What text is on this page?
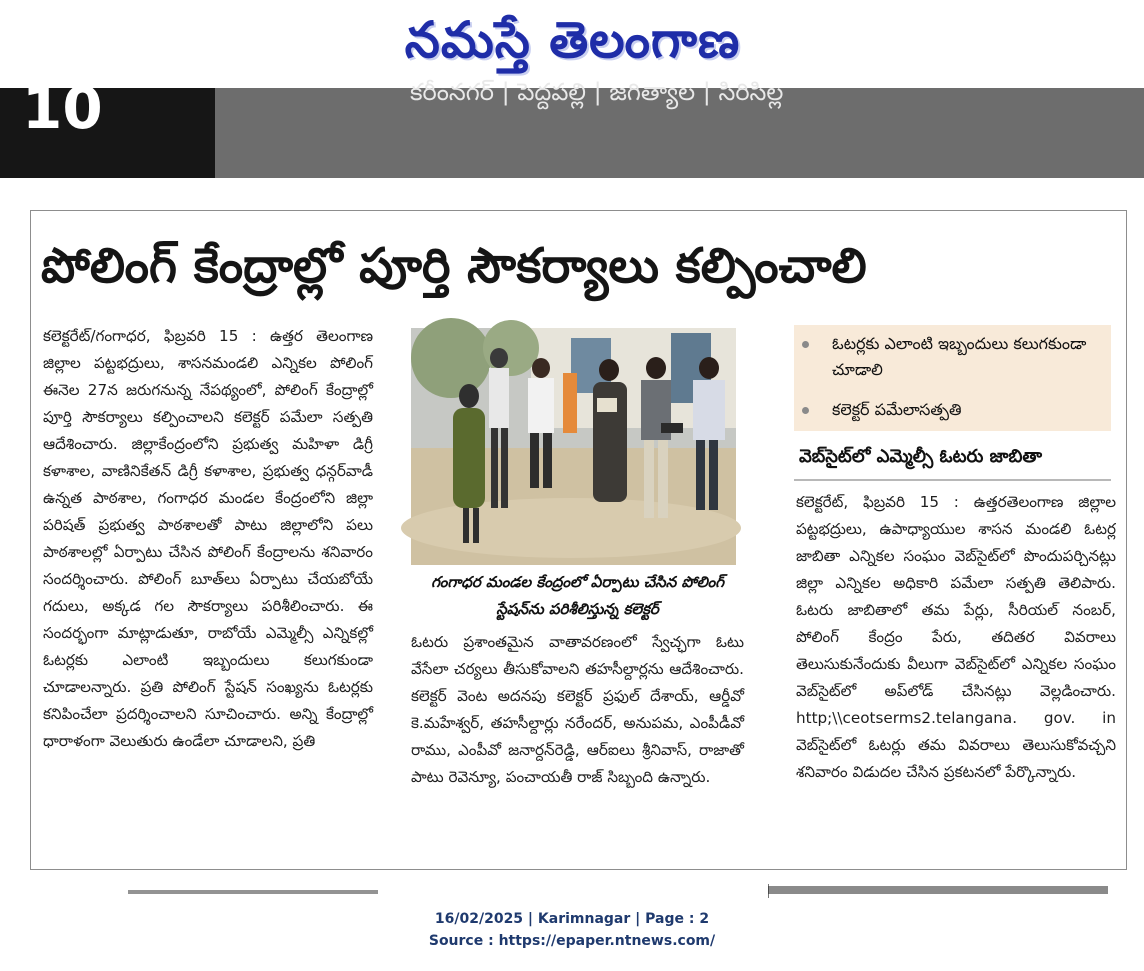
నమస్తే తెలంగాణ
10	కరీంనగర్ | పెద్దపల్లి | జగిత్యాల | సిరిసిల్ల
పోలింగ్ కేంద్రాల్లో పూర్తి సౌకర్యాలు కల్పించాలి
కలెక్టరేట్/గంగాధర, ఫిబ్రవరి 15 : ఉత్తర తెలంగాణ జిల్లాల పట్టభద్రులు, శాసనమండలి ఎన్నికల పోలింగ్ ఈనెల 27న జరుగనున్న నేపథ్యంలో, పోలింగ్ కేంద్రాల్లో పూర్తి సౌకర్యాలు కల్పించాలని కలెక్టర్ పమేలా సత్పతి ఆదేశించారు. జిల్లాకేంద్రంలోని ప్రభుత్వ మహిళా డిగ్రీ కళాశాల, వాణినికేతన్ డిగ్రీ కళాశాల, ప్రభుత్వ ధన్గర్‌వాడీ ఉన్నత పాఠశాల, గంగాధర మండల కేంద్రంలోని జిల్లా పరిషత్ ప్రభుత్వ పాఠశాలతో పాటు జిల్లాలోని పలు పాఠశాలల్లో ఏర్పాటు చేసిన పోలింగ్ కేంద్రాలను శనివారం సందర్శించారు. పోలింగ్ బూత్‌లు ఏర్పాటు చేయబోయే గదులు, అక్కడ గల సౌకర్యాలు పరిశీలించారు. ఈ సందర్భంగా మాట్లాడుతూ, రాబోయే ఎమ్మెల్సీ ఎన్నికల్లో ఓటర్లకు ఎలాంటి ఇబ్బందులు కలుగకుండా చూడాలన్నారు. ప్రతి పోలింగ్ స్టేషన్ సంఖ్యను ఓటర్లకు కనిపించేలా ప్రదర్శించాలని సూచించారు. అన్ని కేంద్రాల్లో ధారాళంగా వెలుతురు ఉండేలా చూడాలని, ప్రతి

గంగాధర మండల కేంద్రంలో ఏర్పాటు చేసిన పోలింగ్ స్టేషన్‌ను పరిశీలిస్తున్న కలెక్టర్

ఓటరు ప్రశాంతమైన వాతావరణంలో స్వేచ్ఛగా ఓటు వేసేలా చర్యలు తీసుకోవాలని తహసీల్దార్లను ఆదేశించారు. కలెక్టర్ వెంట అదనపు కలెక్టర్ ప్రఫుల్ దేశాయ్, ఆర్డీవో కె.మహేశ్వర్, తహసీల్దార్లు నరేందర్, అనుపమ, ఎంపీడీవో రాము, ఎంపీవో జనార్దన్‌రెడ్డి, ఆర్ఐలు శ్రీనివాస్, రాజాతో పాటు రెవెన్యూ, పంచాయతీ రాజ్ సిబ్బంది ఉన్నారు.
ఓటర్లకు ఎలాంటి ఇబ్బందులు కలుగకుండా చూడాలి
కలెక్టర్ పమేలాసత్పతి
వెబ్‌సైట్‌లో ఎమ్మెల్సీ ఓటరు జాబితా
కలెక్టరేట్, ఫిబ్రవరి 15 : ఉత్తరతెలంగాణ జిల్లాల పట్టభద్రులు, ఉపాధ్యాయుల శాసన మండలి ఓటర్ల జాబితా ఎన్నికల సంఘం వెబ్‌సైట్‌లో పొందుపర్చినట్లు జిల్లా ఎన్నికల అధికారి పమేలా సత్పతి తెలిపారు. ఓటరు జాబితాలో తమ పేర్లు, సీరియల్ నంబర్, పోలింగ్ కేంద్రం పేరు, తదితర వివరాలు తెలుసుకునేందుకు వీలుగా వెబ్‌సైట్‌లో ఎన్నికల సంఘం వెబ్‌సైట్‌లో అప్‌లోడ్ చేసినట్లు వెల్లడించారు. http;\\ceotserms2.telangana. gov. in వెబ్‌సైట్‌లో ఓటర్లు తమ వివరాలు తెలుసుకోవచ్చని శనివారం విడుదల చేసిన ప్రకటనలో పేర్కొన్నారు.
16/02/2025 | Karimnagar | Page : 2
Source : https://epaper.ntnews.com/
